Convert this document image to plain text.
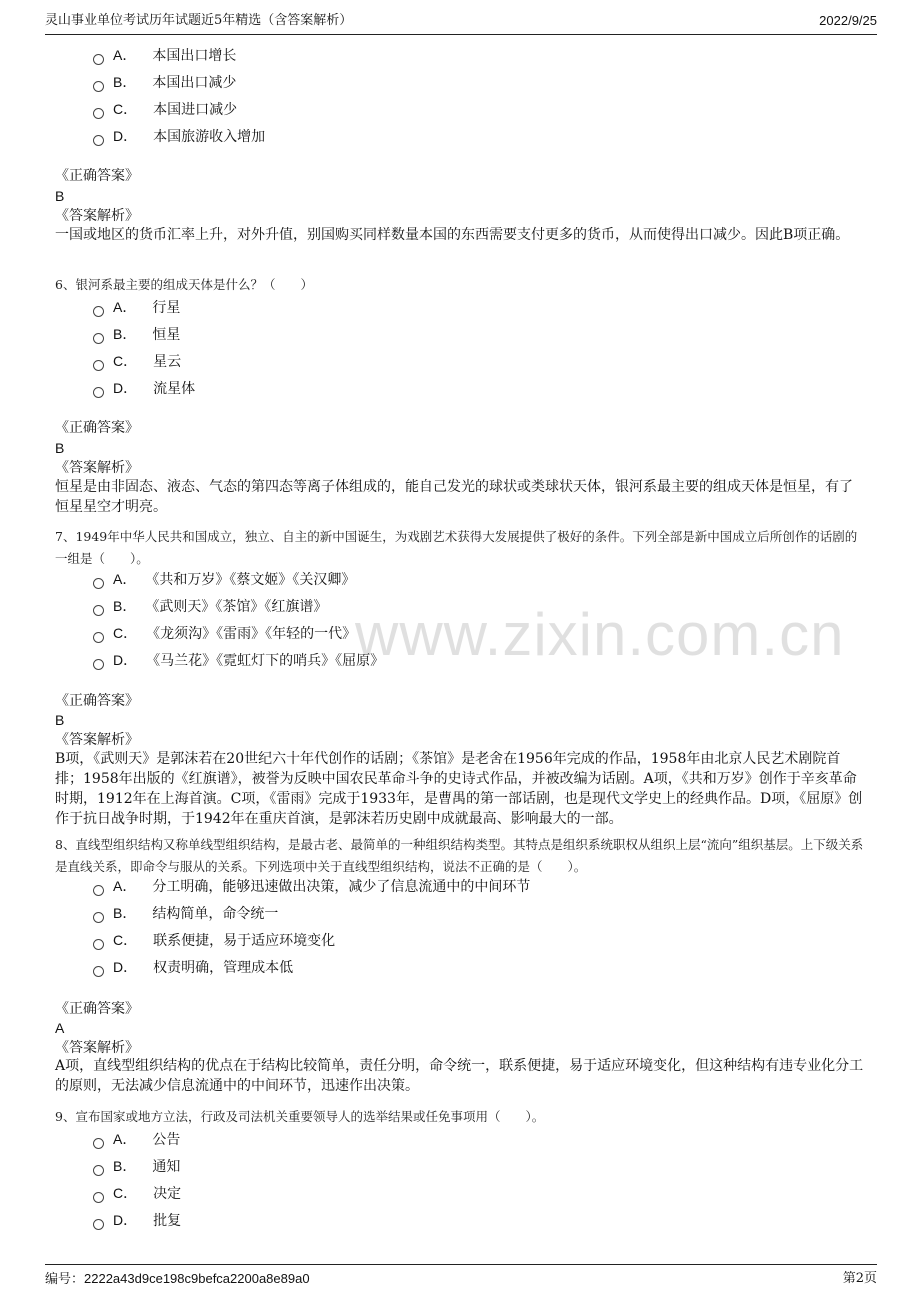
灵山事业单位考试历年试题近5年精选（含答案解析）	2022/9/25
www.zixin.com.cn
A． 本国出口增长
B． 本国出口减少
C． 本国进口减少
D． 本国旅游收入增加
《正确答案》
B
《答案解析》
一国或地区的货币汇率上升，对外升值，别国购买同样数量本国的东西需要支付更多的货币，从而使得出口减少。因此B项正确。
6、银河系最主要的组成天体是什么？（　　）
A． 行星
B． 恒星
C． 星云
D． 流星体
《正确答案》
B
《答案解析》
恒星是由非固态、液态、气态的第四态等离子体组成的，能自己发光的球状或类球状天体，银河系最主要的组成天体是恒星，有了恒星星空才明亮。
7、1949年中华人民共和国成立，独立、自主的新中国诞生，为戏剧艺术获得大发展提供了极好的条件。下列全部是新中国成立后所创作的话剧的一组是（　　）。
A． 《共和万岁》《蔡文姬》《关汉卿》
B． 《武则天》《茶馆》《红旗谱》
C． 《龙须沟》《雷雨》《年轻的一代》
D． 《马兰花》《霓虹灯下的哨兵》《屈原》
《正确答案》
B
《答案解析》
B项，《武则天》是郭沫若在20世纪六十年代创作的话剧；《茶馆》是老舍在1956年完成的作品，1958年由北京人民艺术剧院首排；1958年出版的《红旗谱》，被誉为反映中国农民革命斗争的史诗式作品，并被改编为话剧。A项，《共和万岁》创作于辛亥革命时期，1912年在上海首演。C项，《雷雨》完成于1933年，是曹禺的第一部话剧，也是现代文学史上的经典作品。D项，《屈原》创作于抗日战争时期，于1942年在重庆首演，是郭沫若历史剧中成就最高、影响最大的一部。
8、直线型组织结构又称单线型组织结构，是最古老、最简单的一种组织结构类型。其特点是组织系统职权从组织上层“流向”组织基层。上下级关系是直线关系，即命令与服从的关系。下列选项中关于直线型组织结构，说法不正确的是（　　）。
A． 分工明确，能够迅速做出决策，减少了信息流通中的中间环节
B． 结构简单，命令统一
C． 联系便捷，易于适应环境变化
D． 权责明确，管理成本低
《正确答案》
A
《答案解析》
A项，直线型组织结构的优点在于结构比较简单，责任分明，命令统一，联系便捷，易于适应环境变化，但这种结构有违专业化分工的原则，无法减少信息流通中的中间环节，迅速作出决策。
9、宣布国家或地方立法，行政及司法机关重要领导人的选举结果或任免事项用（　　）。
A． 公告
B． 通知
C． 决定
D． 批复
编号：2222a43d9ce198c9befca2200a8e89a0	第2页
